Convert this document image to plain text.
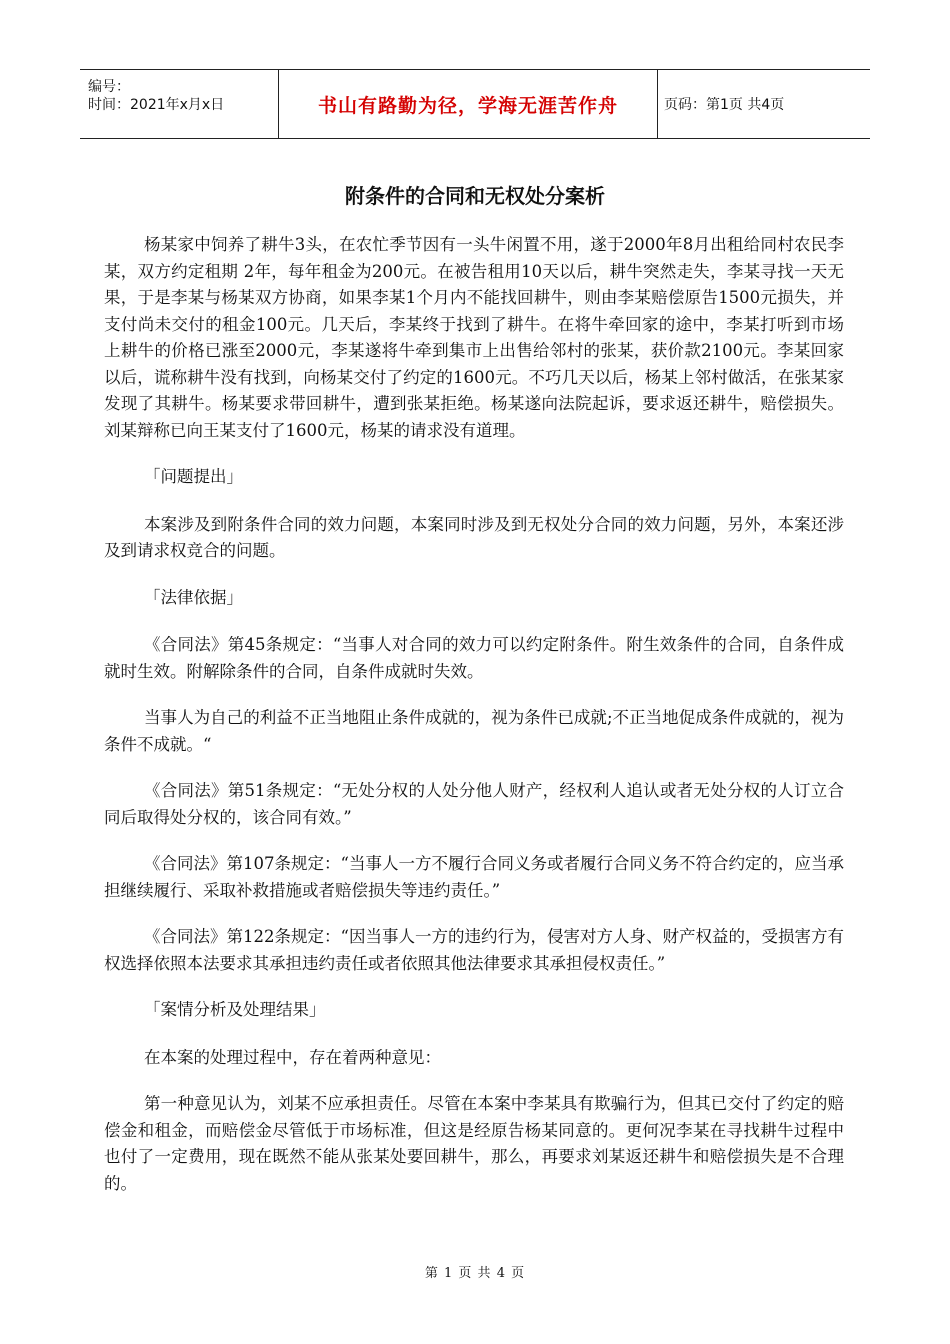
编号：
时间：2021年x月x日	书山有路勤为径，学海无涯苦作舟	页码：第1页 共4页
附条件的合同和无权处分案析

杨某家中饲养了耕牛3头，在农忙季节因有一头牛闲置不用，遂于2000年8月出租给同村农民李某，双方约定租期 2年，每年租金为200元。在被告租用10天以后，耕牛突然走失，李某寻找一天无果，于是李某与杨某双方协商，如果李某1个月内不能找回耕牛，则由李某赔偿原告1500元损失，并支付尚未交付的租金100元。几天后，李某终于找到了耕牛。在将牛牵回家的途中，李某打听到市场上耕牛的价格已涨至2000元，李某遂将牛牵到集市上出售给邻村的张某，获价款2100元。李某回家以后，谎称耕牛没有找到，向杨某交付了约定的1600元。不巧几天以后，杨某上邻村做活，在张某家发现了其耕牛。杨某要求带回耕牛，遭到张某拒绝。杨某遂向法院起诉，要求返还耕牛，赔偿损失。刘某辩称已向王某支付了1600元，杨某的请求没有道理。

「问题提出」

本案涉及到附条件合同的效力问题，本案同时涉及到无权处分合同的效力问题，另外，本案还涉及到请求权竞合的问题。

「法律依据」

《合同法》第45条规定：“当事人对合同的效力可以约定附条件。附生效条件的合同，自条件成就时生效。附解除条件的合同，自条件成就时失效。

当事人为自己的利益不正当地阻止条件成就的，视为条件已成就;不正当地促成条件成就的，视为条件不成就。“

《合同法》第51条规定：“无处分权的人处分他人财产，经权利人追认或者无处分权的人订立合同后取得处分权的，该合同有效。”

《合同法》第107条规定：“当事人一方不履行合同义务或者履行合同义务不符合约定的，应当承担继续履行、采取补救措施或者赔偿损失等违约责任。”

《合同法》第122条规定：“因当事人一方的违约行为，侵害对方人身、财产权益的，受损害方有权选择依照本法要求其承担违约责任或者依照其他法律要求其承担侵权责任。”

「案情分析及处理结果」

在本案的处理过程中，存在着两种意见：

第一种意见认为，刘某不应承担责任。尽管在本案中李某具有欺骗行为，但其已交付了约定的赔偿金和租金，而赔偿金尽管低于市场标准，但这是经原告杨某同意的。更何况李某在寻找耕牛过程中也付了一定费用，现在既然不能从张某处要回耕牛，那么，再要求刘某返还耕牛和赔偿损失是不合理的。

第 1 页 共 4 页
